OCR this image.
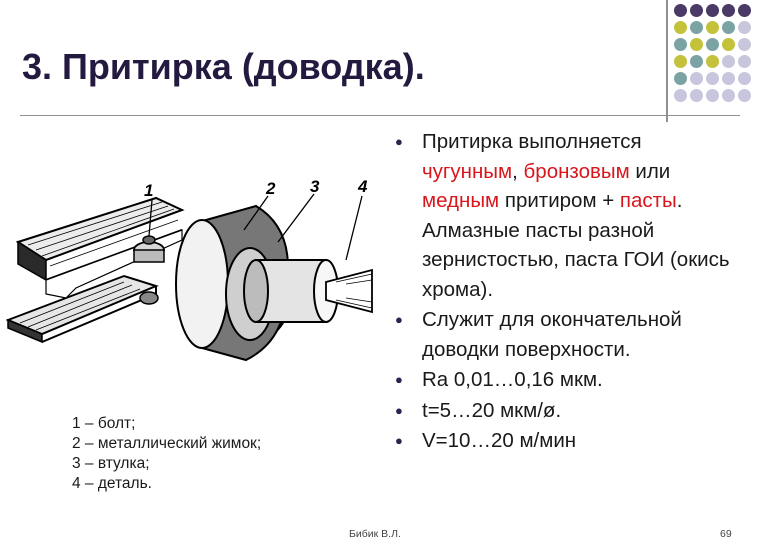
3. Притирка (доводка).
1	2 3 4
● Притирка выполняется чугунным, бронзовым или медным притиром + пасты. Алмазные пасты разной зернистостью, паста ГОИ (окись хрома).
● Служит для окончательной доводки поверхности.
● Ra 0,01…0,16 мкм.
● t=5…20 мкм/ø.
● V=10…20 м/мин
1 – болт;
2 – металлический жимок;
3 – втулка;
4 – деталь.
Бибик В.Л.	69
